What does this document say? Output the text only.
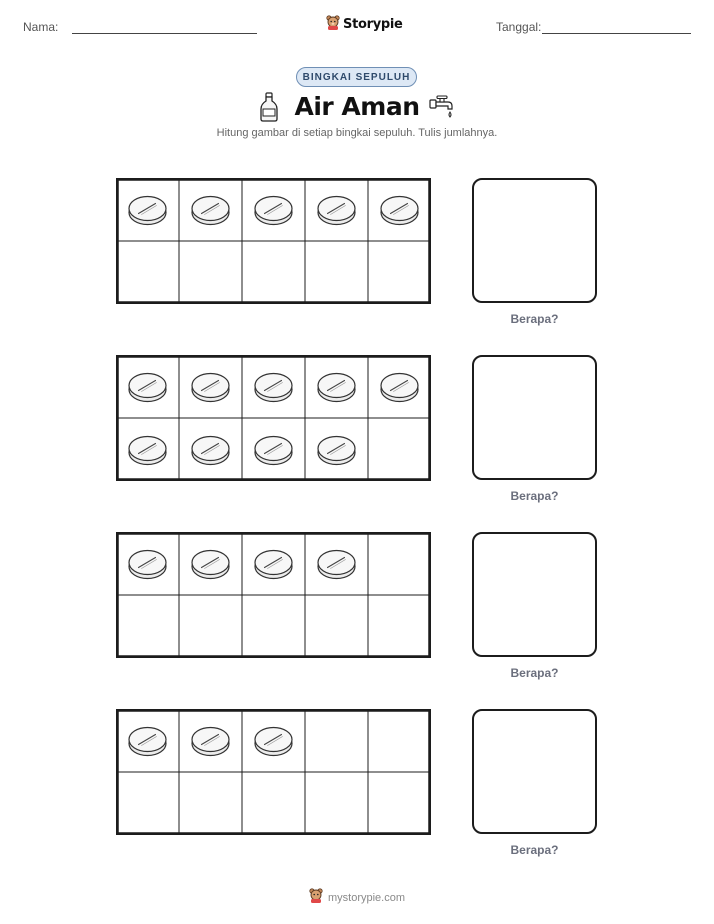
Nama:	Storypie	Tanggal:
BINGKAI SEPULUH
Air Aman
Hitung gambar di setiap bingkai sepuluh. Tulis jumlahnya.
Berapa?
Berapa?
Berapa?
Berapa?
mystorypie.com
